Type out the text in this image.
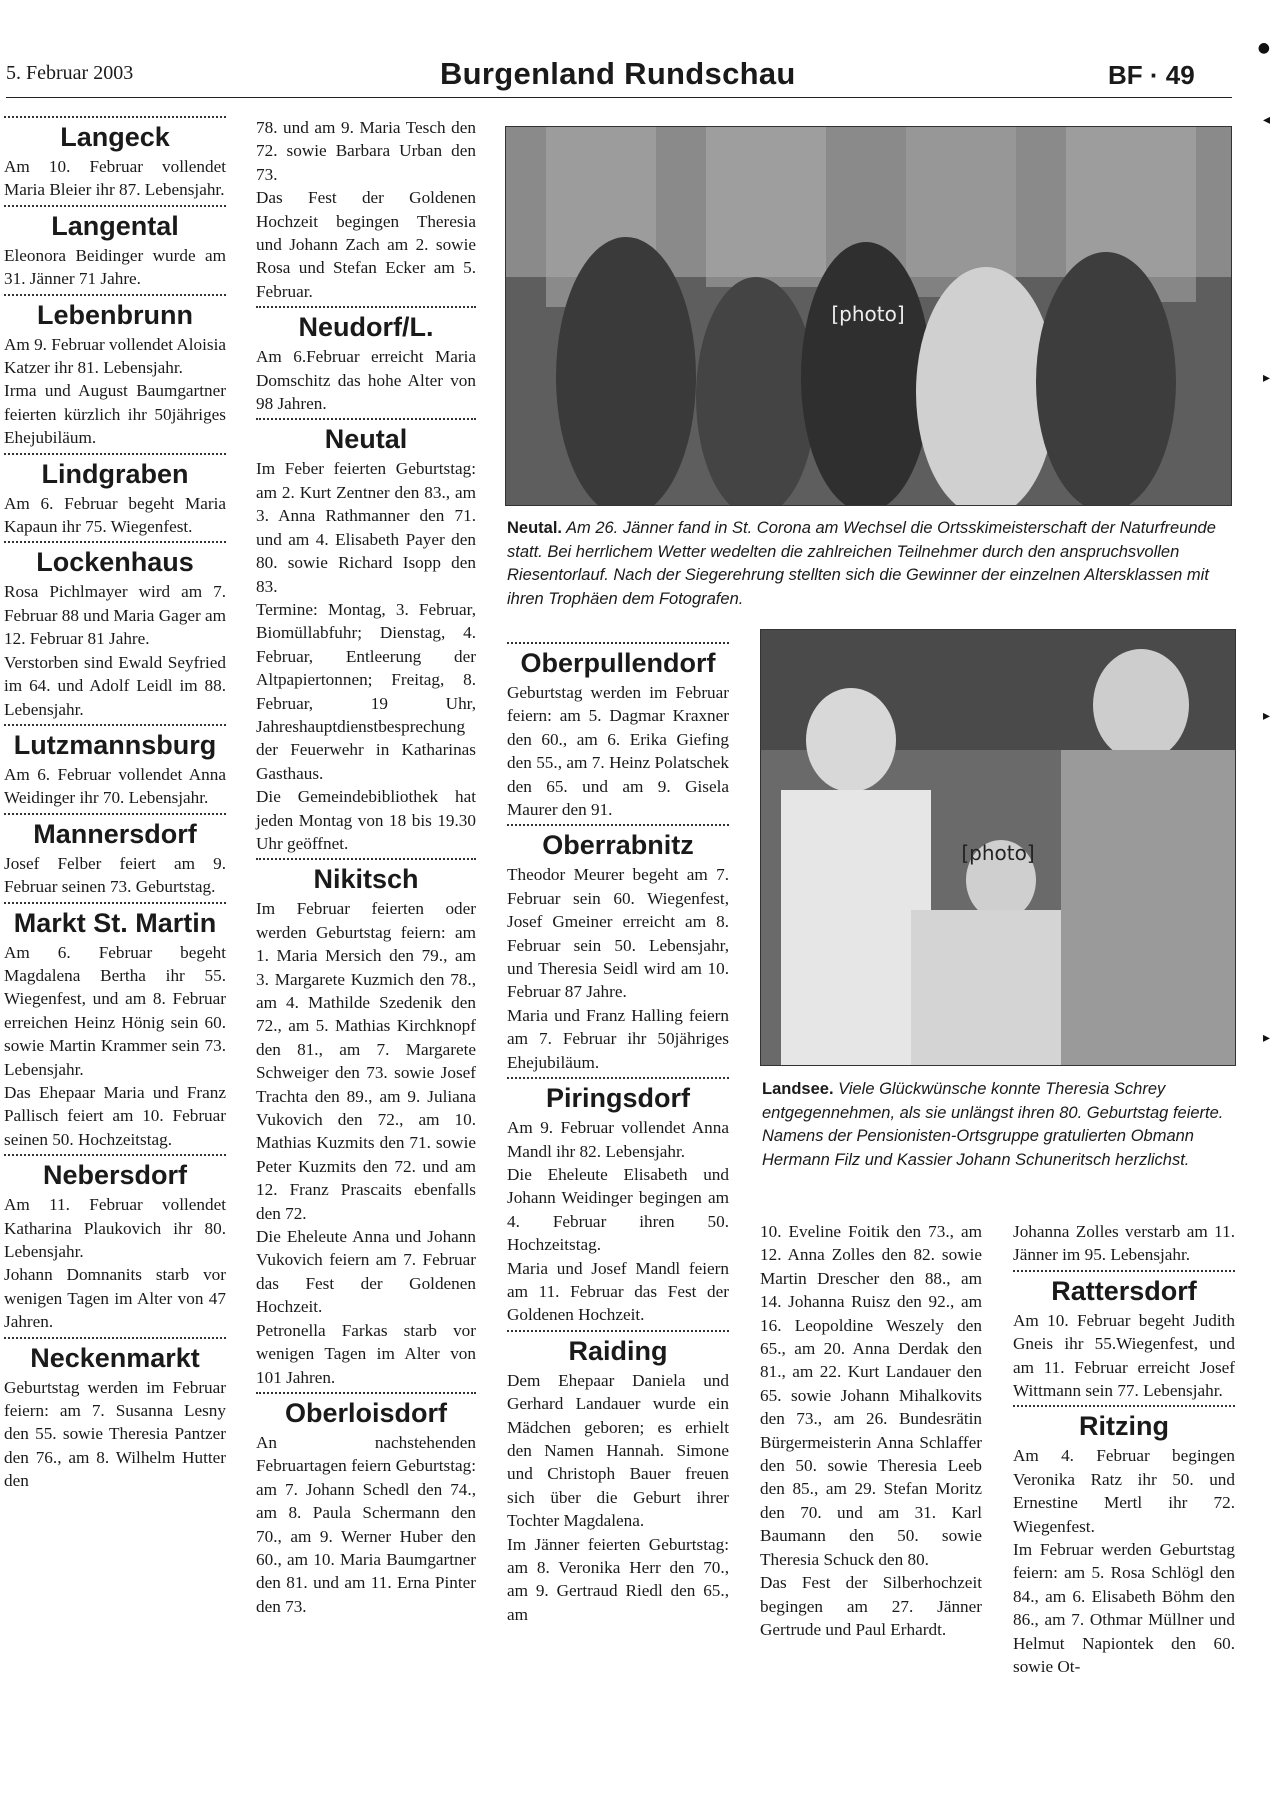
5. Februar 2003	Burgenland Rundschau	BF · 49
Langeck

Am 10. Februar vollendet Maria Bleier ihr 87. Lebensjahr.

Langental

Eleonora Beidinger wurde am 31. Jänner 71 Jahre.

Lebenbrunn

Am 9. Februar vollendet Aloisia Katzer ihr 81. Lebensjahr.

Irma und August Baumgartner feierten kürzlich ihr 50jähriges Ehejubiläum.

Lindgraben

Am 6. Februar begeht Maria Kapaun ihr 75. Wiegenfest.

Lockenhaus

Rosa Pichlmayer wird am 7. Februar 88 und Maria Gager am 12. Februar 81 Jahre.

Verstorben sind Ewald Seyfried im 64. und Adolf Leidl im 88. Lebensjahr.

Lutzmannsburg

Am 6. Februar vollendet Anna Weidinger ihr 70. Lebensjahr.

Mannersdorf

Josef Felber feiert am 9. Februar seinen 73. Geburtstag.

Markt St. Martin

Am 6. Februar begeht Magdalena Bertha ihr 55. Wiegenfest, und am 8. Februar erreichen Heinz Hönig sein 60. sowie Martin Krammer sein 73. Lebensjahr.

Das Ehepaar Maria und Franz Pallisch feiert am 10. Februar seinen 50. Hochzeitstag.

Nebersdorf

Am 11. Februar vollendet Katharina Plaukovich ihr 80. Lebensjahr.

Johann Domnanits starb vor wenigen Tagen im Alter von 47 Jahren.

Neckenmarkt

Geburtstag werden im Februar feiern: am 7. Susanna Lesny den 55. sowie Theresia Pantzer den 76., am 8. Wilhelm Hutter den

78. und am 9. Maria Tesch den 72. sowie Barbara Urban den 73.

Das Fest der Goldenen Hochzeit begingen Theresia und Johann Zach am 2. sowie Rosa und Stefan Ecker am 5. Februar.

Neudorf/L.

Am 6.Februar erreicht Maria Domschitz das hohe Alter von 98 Jahren.

Neutal

Im Feber feierten Geburtstag: am 2. Kurt Zentner den 83., am 3. Anna Rathmanner den 71. und am 4. Elisabeth Payer den 80. sowie Richard Isopp den 83.

Termine: Montag, 3. Februar, Biomüllabfuhr; Dienstag, 4. Februar, Entleerung der Altpapiertonnen; Freitag, 8. Februar, 19 Uhr, Jahreshauptdienstbesprechung der Feuerwehr in Katharinas Gasthaus.

Die Gemeindebibliothek hat jeden Montag von 18 bis 19.30 Uhr geöffnet.

Nikitsch

Im Februar feierten oder werden Geburtstag feiern: am 1. Maria Mersich den 79., am 3. Margarete Kuzmich den 78., am 4. Mathilde Szedenik den 72., am 5. Mathias Kirchknopf den 81., am 7. Margarete Schweiger den 73. sowie Josef Trachta den 89., am 9. Juliana Vukovich den 72., am 10. Mathias Kuzmits den 71. sowie Peter Kuzmits den 72. und am 12. Franz Prascaits ebenfalls den 72.

Die Eheleute Anna und Johann Vukovich feiern am 7. Februar das Fest der Goldenen Hochzeit.

Petronella Farkas starb vor wenigen Tagen im Alter von 101 Jahren.

Oberloisdorf

An nachstehenden Februartagen feiern Geburtstag: am 7. Johann Schedl den 74., am 8. Paula Schermann den 70., am 9. Werner Huber den 60., am 10. Maria Baumgartner den 81. und am 11. Erna Pinter den 73.

[photo]
Neutal. Am 26. Jänner fand in St. Corona am Wechsel die Ortsskimeisterschaft der Naturfreunde statt. Bei herrlichem Wetter wedelten die zahlreichen Teilnehmer durch den anspruchsvollen Riesentorlauf. Nach der Siegerehrung stellten sich die Gewinner der einzelnen Altersklassen mit ihren Trophäen dem Fotografen.
Oberpullendorf

Geburtstag werden im Februar feiern: am 5. Dagmar Kraxner den 60., am 6. Erika Giefing den 55., am 7. Heinz Polatschek den 65. und am 9. Gisela Maurer den 91.

Oberrabnitz

Theodor Meurer begeht am 7. Februar sein 60. Wiegenfest, Josef Gmeiner erreicht am 8. Februar sein 50. Lebensjahr, und Theresia Seidl wird am 10. Februar 87 Jahre.

Maria und Franz Halling feiern am 7. Februar ihr 50jähriges Ehejubiläum.

Piringsdorf

Am 9. Februar vollendet Anna Mandl ihr 82. Lebensjahr.

Die Eheleute Elisabeth und Johann Weidinger begingen am 4. Februar ihren 50. Hochzeitstag.

Maria und Josef Mandl feiern am 11. Februar das Fest der Goldenen Hochzeit.

Raiding

Dem Ehepaar Daniela und Gerhard Landauer wurde ein Mädchen geboren; es erhielt den Namen Hannah. Simone und Christoph Bauer freuen sich über die Geburt ihrer Tochter Magdalena.

Im Jänner feierten Geburtstag: am 8. Veronika Herr den 70., am 9. Gertraud Riedl den 65., am

[photo]
Landsee. Viele Glückwünsche konnte Theresia Schrey entgegennehmen, als sie unlängst ihren 80. Geburtstag feierte. Namens der Pensionisten-Ortsgruppe gratulierten Obmann Hermann Filz und Kassier Johann Schuneritsch herzlichst.

10. Eveline Foitik den 73., am 12. Anna Zolles den 82. sowie Martin Drescher den 88., am 14. Johanna Ruisz den 92., am 16. Leopoldine Weszely den 65., am 20. Anna Derdak den 81., am 22. Kurt Landauer den 65. sowie Johann Mihalkovits den 73., am 26. Bundesrätin Bürgermeisterin Anna Schlaffer den 50. sowie Theresia Leeb den 85., am 29. Stefan Moritz den 70. und am 31. Karl Baumann den 50. sowie Theresia Schuck den 80.

Das Fest der Silberhochzeit begingen am 27. Jänner Gertrude und Paul Erhardt.

Johanna Zolles verstarb am 11. Jänner im 95. Lebensjahr.

Rattersdorf

Am 10. Februar begeht Judith Gneis ihr 55.Wiegenfest, und am 11. Februar erreicht Josef Wittmann sein 77. Lebensjahr.

Ritzing

Am 4. Februar begingen Veronika Ratz ihr 50. und Ernestine Mertl ihr 72. Wiegenfest.

Im Februar werden Geburtstag feiern: am 5. Rosa Schlögl den 84., am 6. Elisabeth Böhm den 86., am 7. Othmar Müllner und Helmut Napiontek den 60. sowie Ot-

●
◂
▸
▸
▸
